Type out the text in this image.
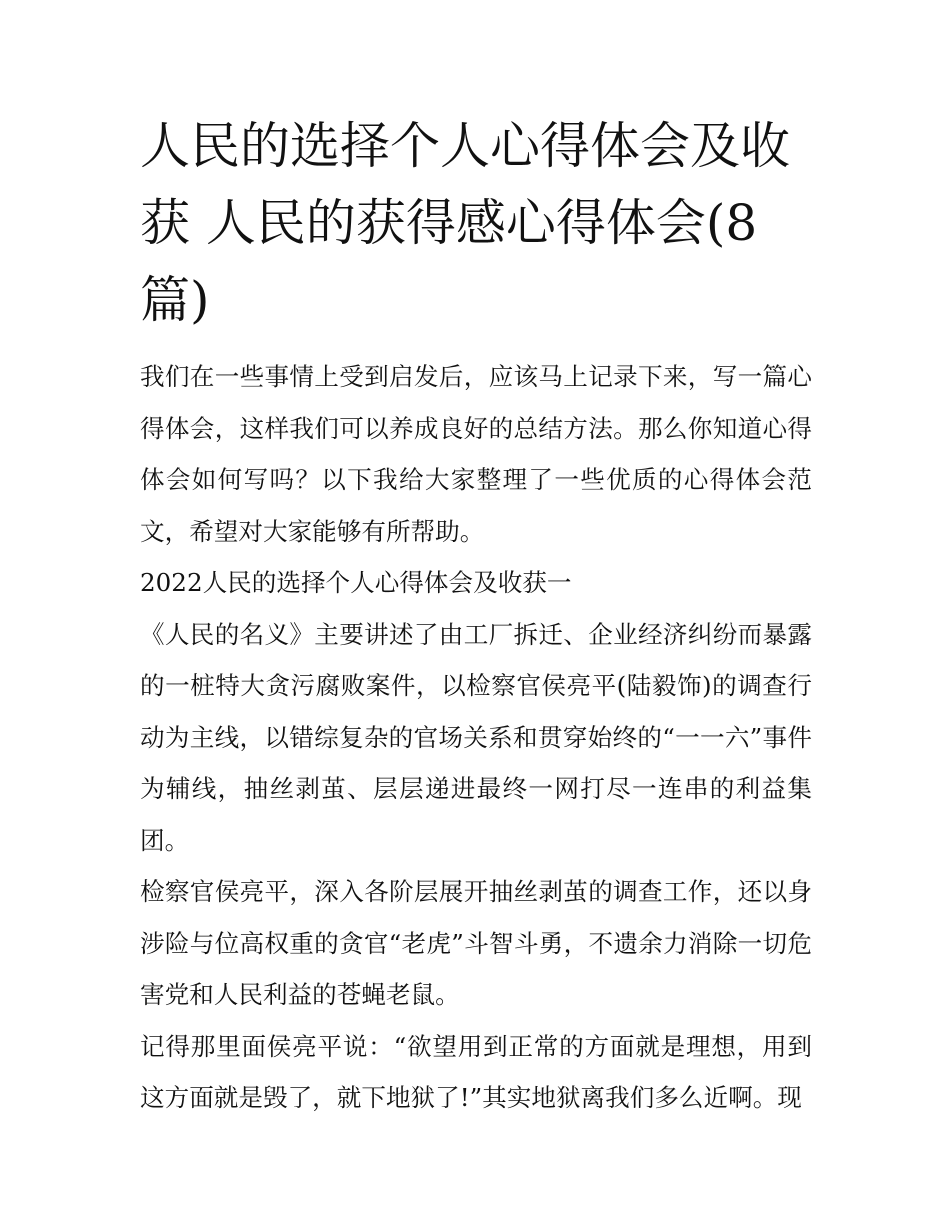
人民的选择个人心得体会及收获 人民的获得感心得体会(8篇)

我们在一些事情上受到启发后，应该马上记录下来，写一篇心得体会，这样我们可以养成良好的总结方法。那么你知道心得体会如何写吗？以下我给大家整理了一些优质的心得体会范文，希望对大家能够有所帮助。

2022人民的选择个人心得体会及收获一

《人民的名义》主要讲述了由工厂拆迁、企业经济纠纷而暴露的一桩特大贪污腐败案件，以检察官侯亮平(陆毅饰)的调查行动为主线，以错综复杂的官场关系和贯穿始终的“一一六”事件为辅线，抽丝剥茧、层层递进最终一网打尽一连串的利益集团。

检察官侯亮平，深入各阶层展开抽丝剥茧的调查工作，还以身涉险与位高权重的贪官“老虎”斗智斗勇，不遗余力消除一切危害党和人民利益的苍蝇老鼠。

记得那里面侯亮平说：“欲望用到正常的方面就是理想，用到这方面就是毁了，就下地狱了!”其实地狱离我们多么近啊。现
